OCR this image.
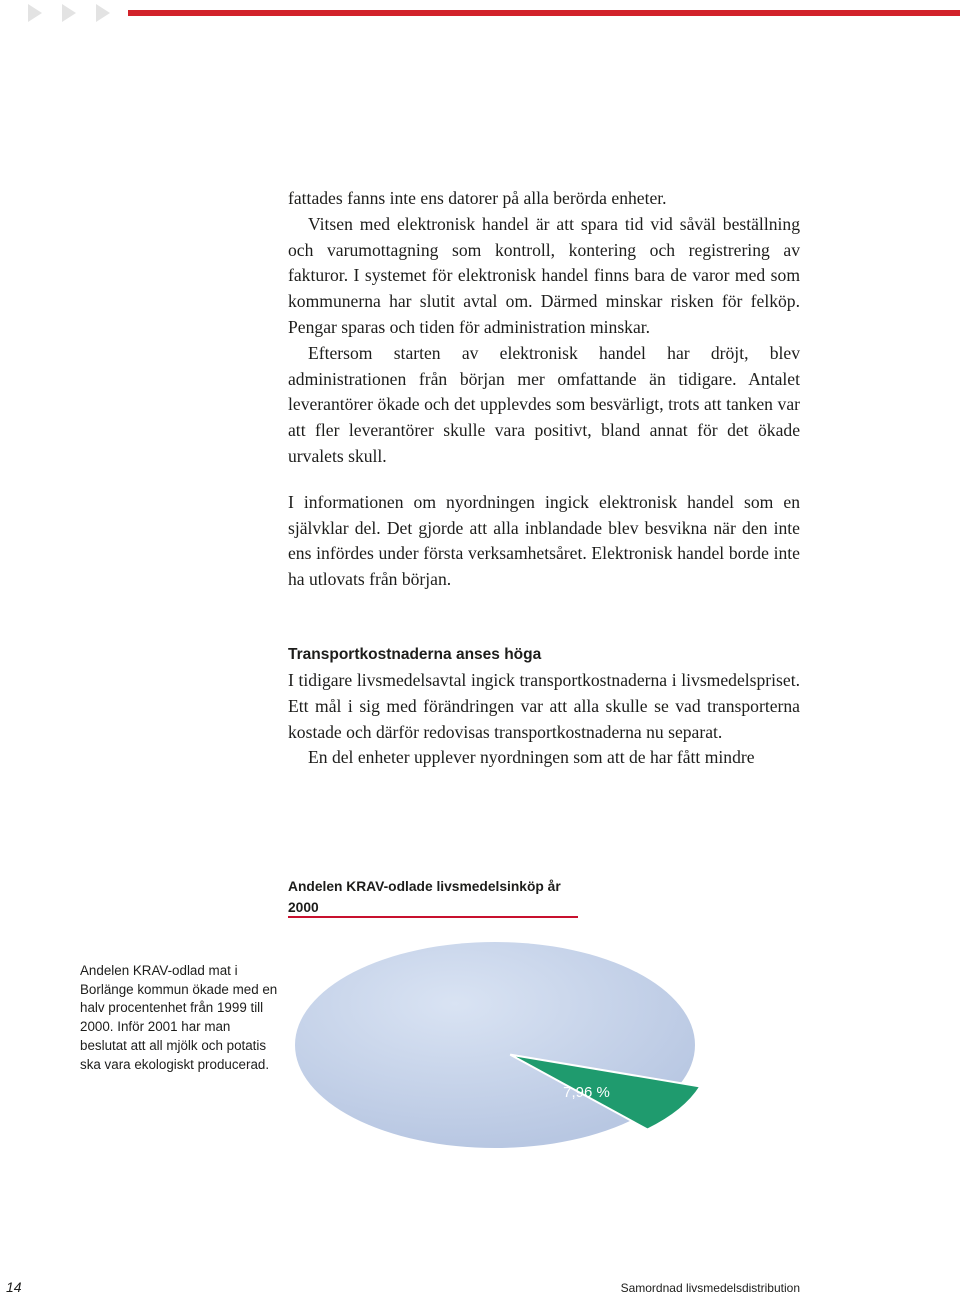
fattades fanns inte ens datorer på alla berörda enheter.

Vitsen med elektronisk handel är att spara tid vid såväl beställning och varumottagning som kontroll, kontering och registrering av fakturor. I systemet för elektronisk handel finns bara de varor med som kommunerna har slutit avtal om. Därmed minskar risken för felköp. Pengar sparas och tiden för administration minskar.

Eftersom starten av elektronisk handel har dröjt, blev administrationen från början mer omfattande än tidigare. Antalet leverantörer ökade och det upplevdes som besvärligt, trots att tanken var att fler leverantörer skulle vara positivt, bland annat för det ökade urvalets skull.

I informationen om nyordningen ingick elektronisk handel som en självklar del. Det gjorde att alla inblandade blev besvikna när den inte ens infördes under första verksamhetsåret. Elektronisk handel borde inte ha utlovats från början.

Transportkostnaderna anses höga

I tidigare livsmedelsavtal ingick transportkostnaderna i livsmedelspriset. Ett mål i sig med förändringen var att alla skulle se vad transporterna kostade och därför redovisas transportkostnaderna nu separat.

En del enheter upplever nyordningen som att de har fått mindre

Andelen KRAV-odlade livsmedelsinköp år 2000
Andelen KRAV-odlad mat i Borlänge kommun ökade med en halv procentenhet från 1999 till 2000. Inför 2001 har man beslutat att all mjölk och potatis ska vara ekologiskt producerad.
7,96 %
14	Samordnad livsmedelsdistribution
